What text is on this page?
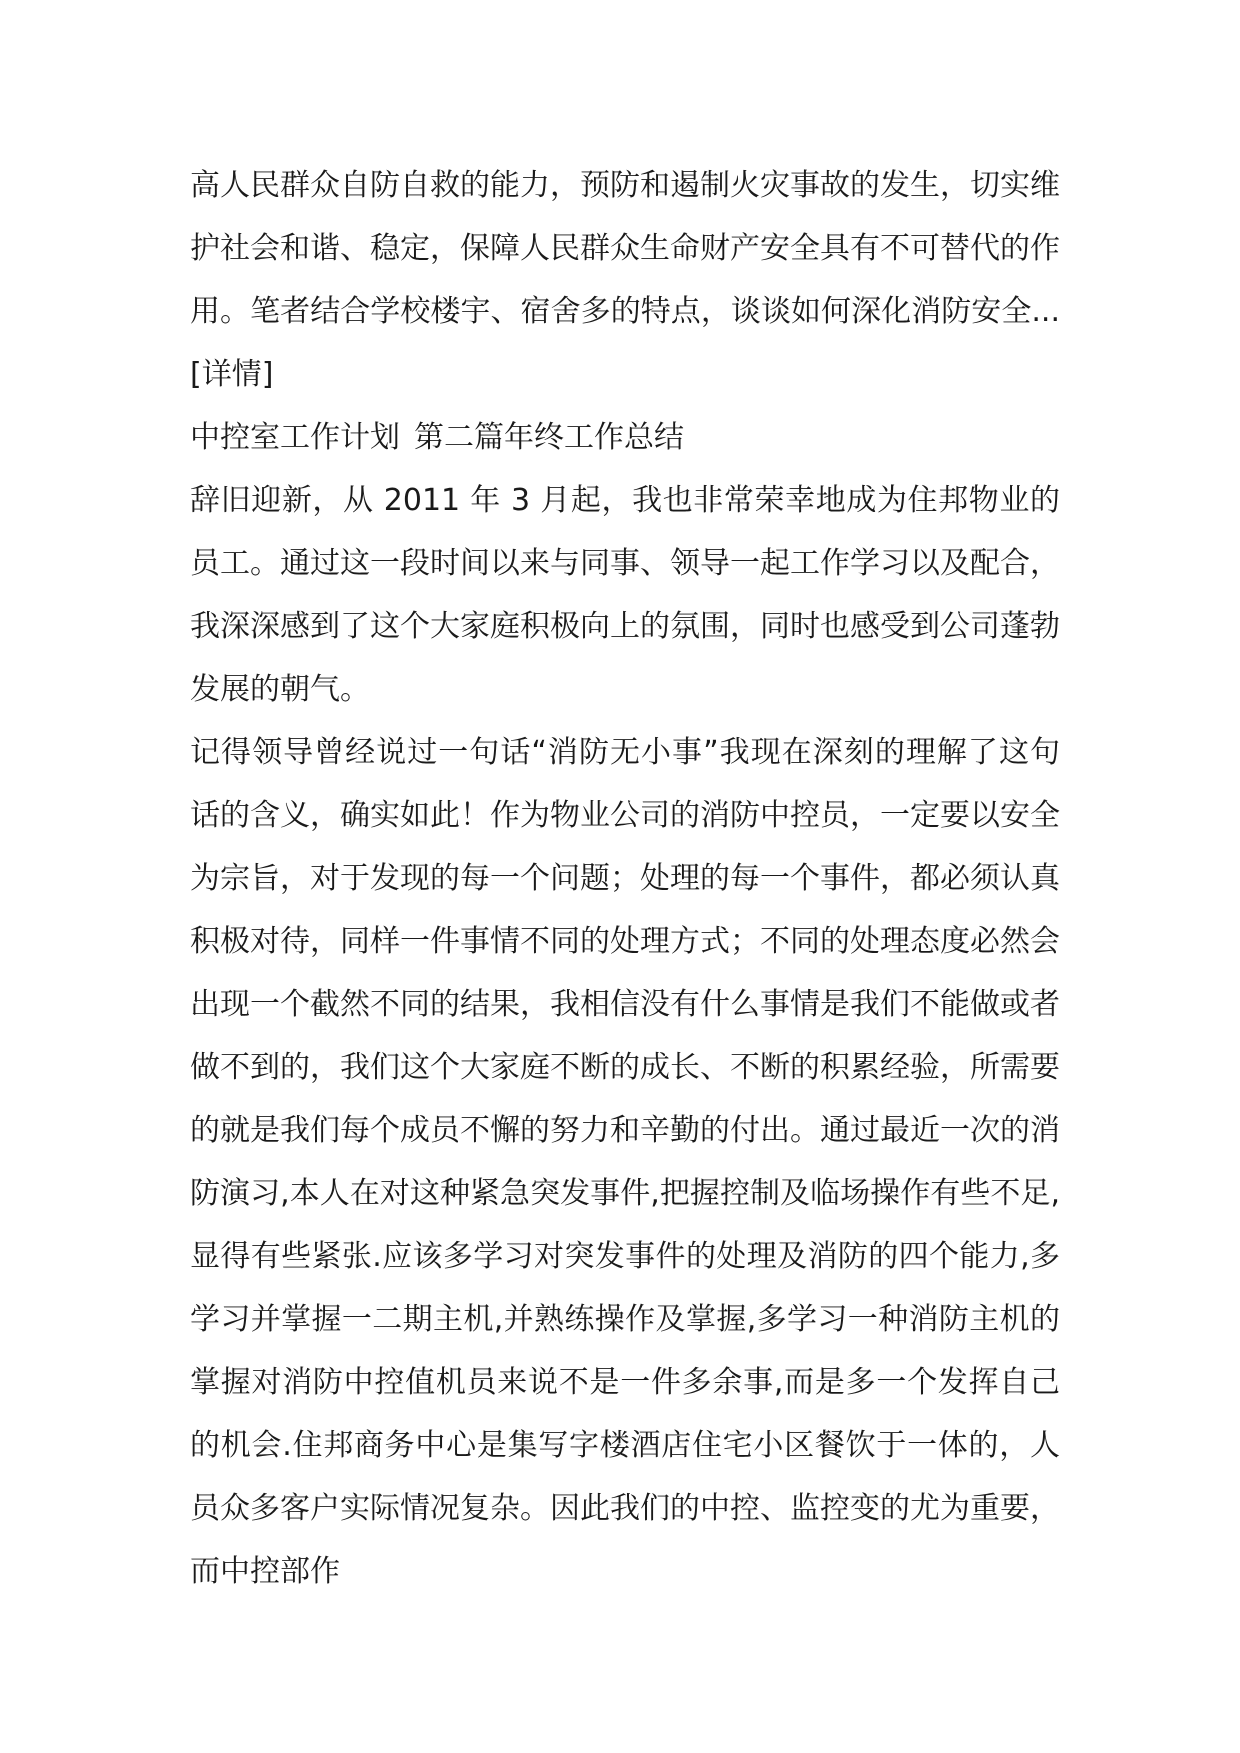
高人民群众自防自救的能力，预防和遏制火灾事故的发生，切实维护社会和谐、稳定，保障人民群众生命财产安全具有不可替代的作用。笔者结合学校楼宇、宿舍多的特点，谈谈如何深化消防安全...[详情]

中控室工作计划 第二篇年终工作总结

辞旧迎新，从 2011 年 3 月起，我也非常荣幸地成为住邦物业的员工。通过这一段时间以来与同事、领导一起工作学习以及配合，我深深感到了这个大家庭积极向上的氛围，同时也感受到公司蓬勃发展的朝气。

记得领导曾经说过一句话“消防无小事”我现在深刻的理解了这句话的含义，确实如此！作为物业公司的消防中控员，一定要以安全为宗旨，对于发现的每一个问题；处理的每一个事件，都必须认真积极对待，同样一件事情不同的处理方式；不同的处理态度必然会出现一个截然不同的结果，我相信没有什么事情是我们不能做或者做不到的，我们这个大家庭不断的成长、不断的积累经验，所需要的就是我们每个成员不懈的努力和辛勤的付出。通过最近一次的消防演习,本人在对这种紧急突发事件,把握控制及临场操作有些不足,显得有些紧张.应该多学习对突发事件的处理及消防的四个能力,多学习并掌握一二期主机,并熟练操作及掌握,多学习一种消防主机的掌握对消防中控值机员来说不是一件多余事,而是多一个发挥自己的机会.住邦商务中心是集写字楼酒店住宅小区餐饮于一体的，人员众多客户实际情况复杂。因此我们的中控、监控变的尤为重要，而中控部作
